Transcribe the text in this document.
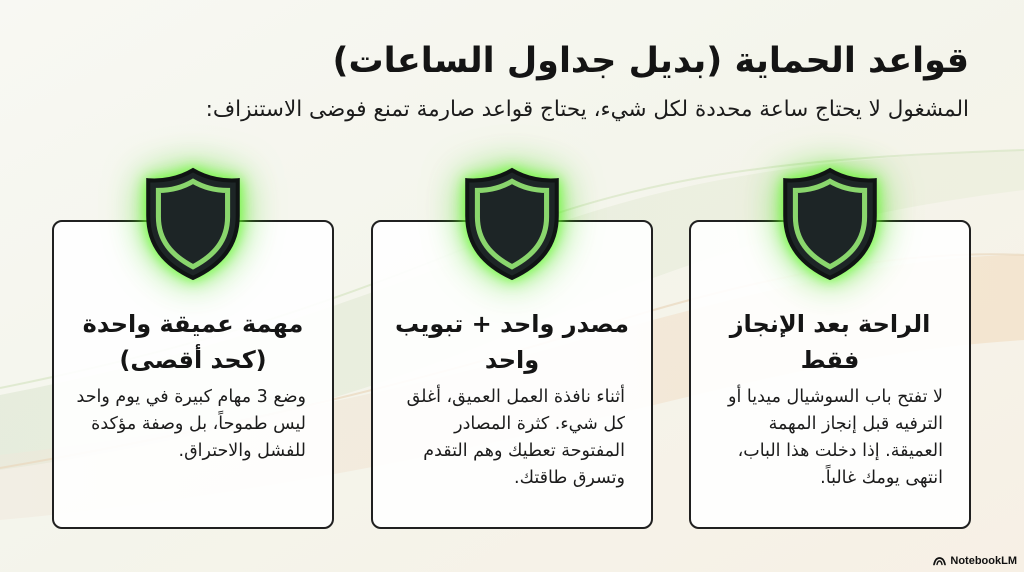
قواعد الحماية (بديل جداول الساعات)

المشغول لا يحتاج ساعة محددة لكل شيء، يحتاج قواعد صارمة تمنع فوضى الاستنزاف:

الراحة بعد الإنجاز فقط

لا تفتح باب السوشيال ميديا أو الترفيه قبل إنجاز المهمة العميقة. إذا دخلت هذا الباب، انتهى يومك غالباً.

مصدر واحد + تبويب واحد

أثناء نافذة العمل العميق، أغلق كل شيء. كثرة المصادر المفتوحة تعطيك وهم التقدم وتسرق طاقتك.

مهمة عميقة واحدة (كحد أقصى)

وضع 3 مهام كبيرة في يوم واحد ليس طموحاً، بل وصفة مؤكدة للفشل والاحتراق.

NotebookLM
